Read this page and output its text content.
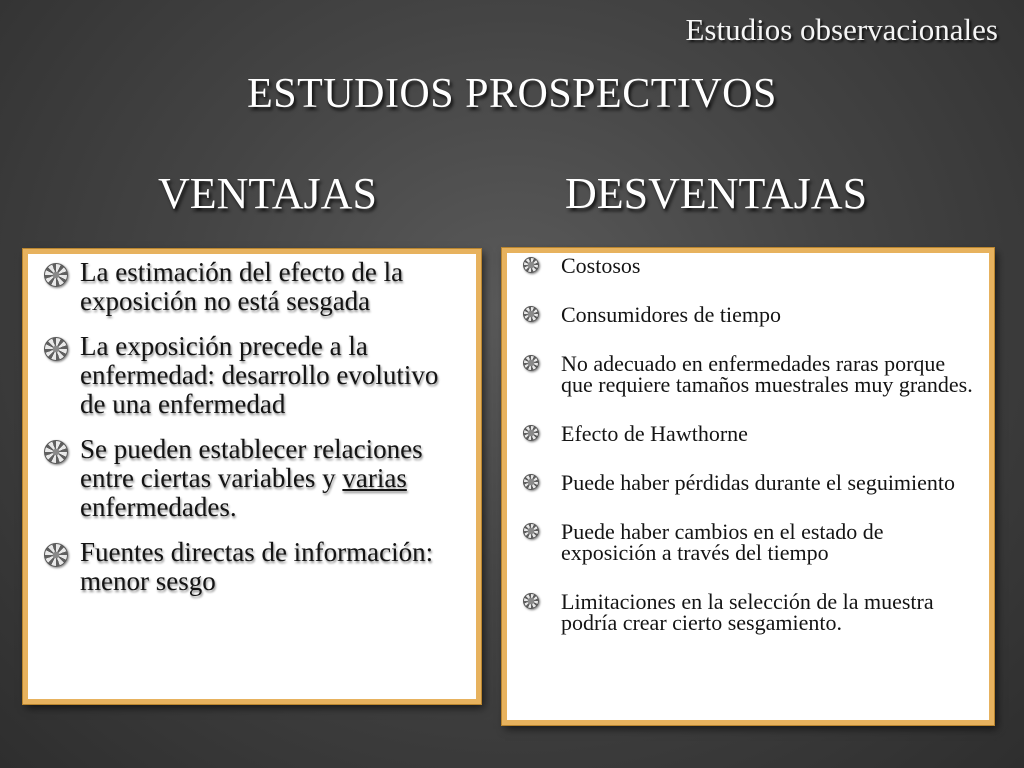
Estudios observacionales
ESTUDIOS PROSPECTIVOS
VENTAJAS	DESVENTAJAS
La estimación del efecto de la exposición no está sesgada
La exposición precede a la enfermedad: desarrollo evolutivo de una enfermedad
Se pueden establecer relaciones entre ciertas variables y varias enfermedades.
Fuentes directas de información: menor sesgo
Costosos
Consumidores de tiempo
No adecuado en enfermedades raras porque que requiere tamaños muestrales muy grandes.
Efecto de Hawthorne
Puede haber pérdidas durante el seguimiento
Puede haber cambios en el estado de exposición a través del tiempo
Limitaciones en la selección de la muestra podría crear cierto sesgamiento.
